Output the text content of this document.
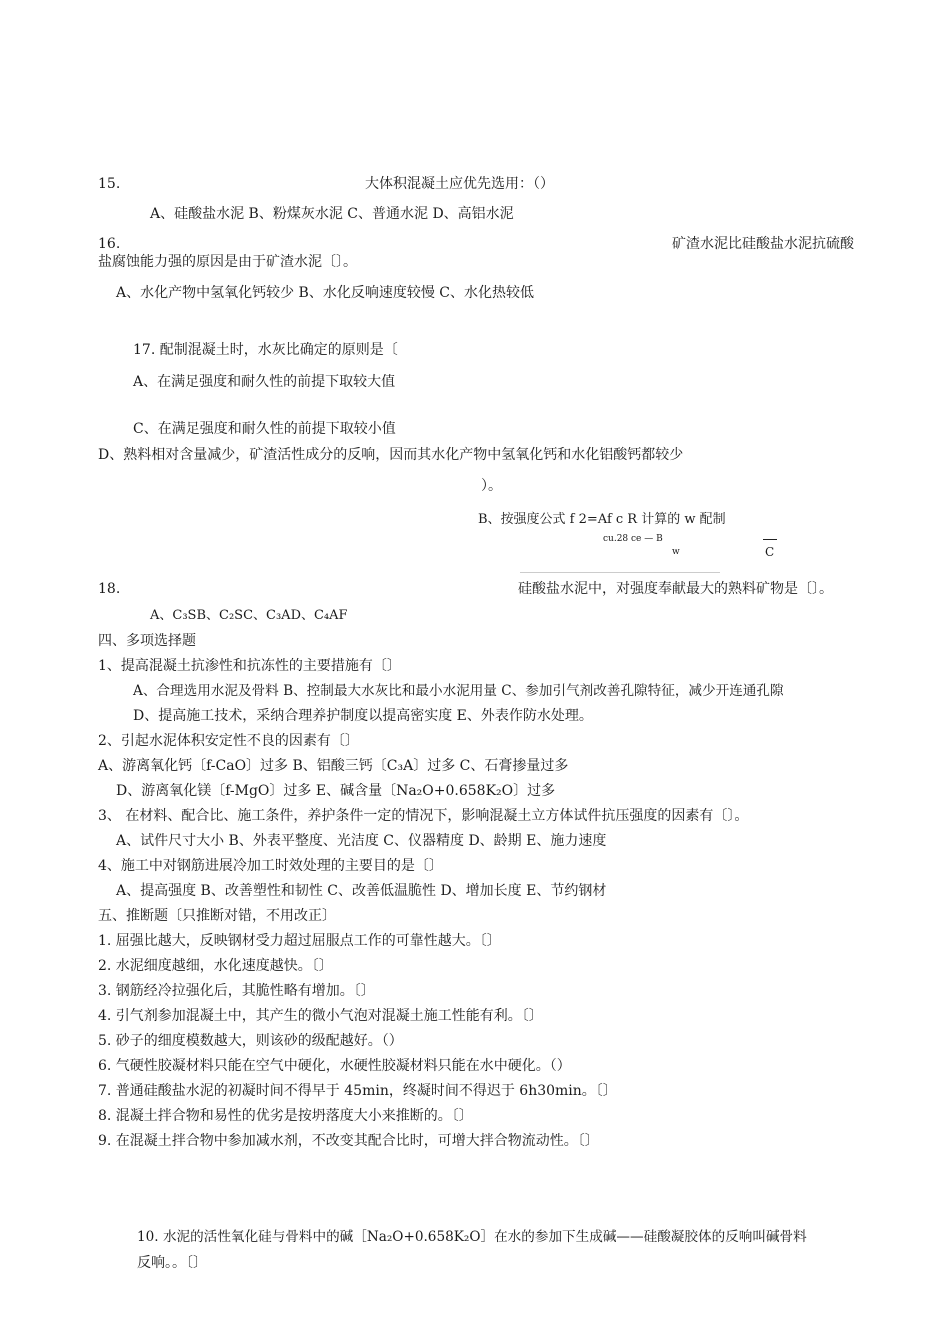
15.	大体积混凝土应优先选用：（）
A、硅酸盐水泥 B、粉煤灰水泥 C、普通水泥 D、高铝水泥
16.	矿渣水泥比硅酸盐水泥抗硫酸
盐腐蚀能力强的原因是由于矿渣水泥〔〕。
A、水化产物中氢氧化钙较少 B、水化反响速度较慢 C、水化热较低
17. 配制混凝土时，水灰比确定的原则是〔
A、在满足强度和耐久性的前提下取较大值
C、在满足强度和耐久性的前提下取较小值
D、熟料相对含量减少，矿渣活性成分的反响，因而其水化产物中氢氧化钙和水化铝酸钙都较少
）。
B、按强度公式 f 2=Af c R 计算的 w 配制
cu.28 ce — B
w	C
18.	硅酸盐水泥中，对强度奉献最大的熟料矿物是〔〕。
A、C₃SB、C₂SC、C₃AD、C₄AF
四、多项选择题
1、提高混凝土抗渗性和抗冻性的主要措施有〔〕
A、合理选用水泥及骨料 B、控制最大水灰比和最小水泥用量 C、参加引气剂改善孔隙特征，减少开连通孔隙
D、提高施工技术，采纳合理养护制度以提高密实度 E、外表作防水处理。
2、引起水泥体积安定性不良的因素有〔〕
A、游离氧化钙〔f-CaO〕过多 B、铝酸三钙〔C₃A〕过多 C、石膏掺量过多
D、游离氧化镁〔f-MgO〕过多 E、碱含量〔Na₂O+0.658K₂O〕过多
3、 在材料、配合比、施工条件，养护条件一定的情况下，影响混凝土立方体试件抗压强度的因素有〔〕。
A、试件尺寸大小 B、外表平整度、光洁度 C、仪器精度 D、龄期 E、施力速度
4、施工中对钢筋进展冷加工时效处理的主要目的是〔〕
A、提高强度 B、改善塑性和韧性 C、改善低温脆性 D、增加长度 E、节约钢材
五、推断题〔只推断对错，不用改正〕
1. 屈强比越大，反映钢材受力超过屈服点工作的可靠性越大。〔〕
2. 水泥细度越细，水化速度越快。〔〕
3. 钢筋经冷拉强化后，其脆性略有增加。〔〕
4. 引气剂参加混凝土中，其产生的微小气泡对混凝土施工性能有利。〔〕
5. 砂子的细度模数越大，则该砂的级配越好。（）
6. 气硬性胶凝材料只能在空气中硬化，水硬性胶凝材料只能在水中硬化。（）
7. 普通硅酸盐水泥的初凝时间不得早于 45min，终凝时间不得迟于 6h30min。〔〕
8. 混凝土拌合物和易性的优劣是按坍落度大小来推断的。〔〕
9. 在混凝土拌合物中参加减水剂，不改变其配合比时，可增大拌合物流动性。〔〕
10. 水泥的活性氧化硅与骨料中的碱［Na₂O+0.658K₂O］在水的参加下生成碱——硅酸凝胶体的反响叫碱骨料
反响。。〔〕
